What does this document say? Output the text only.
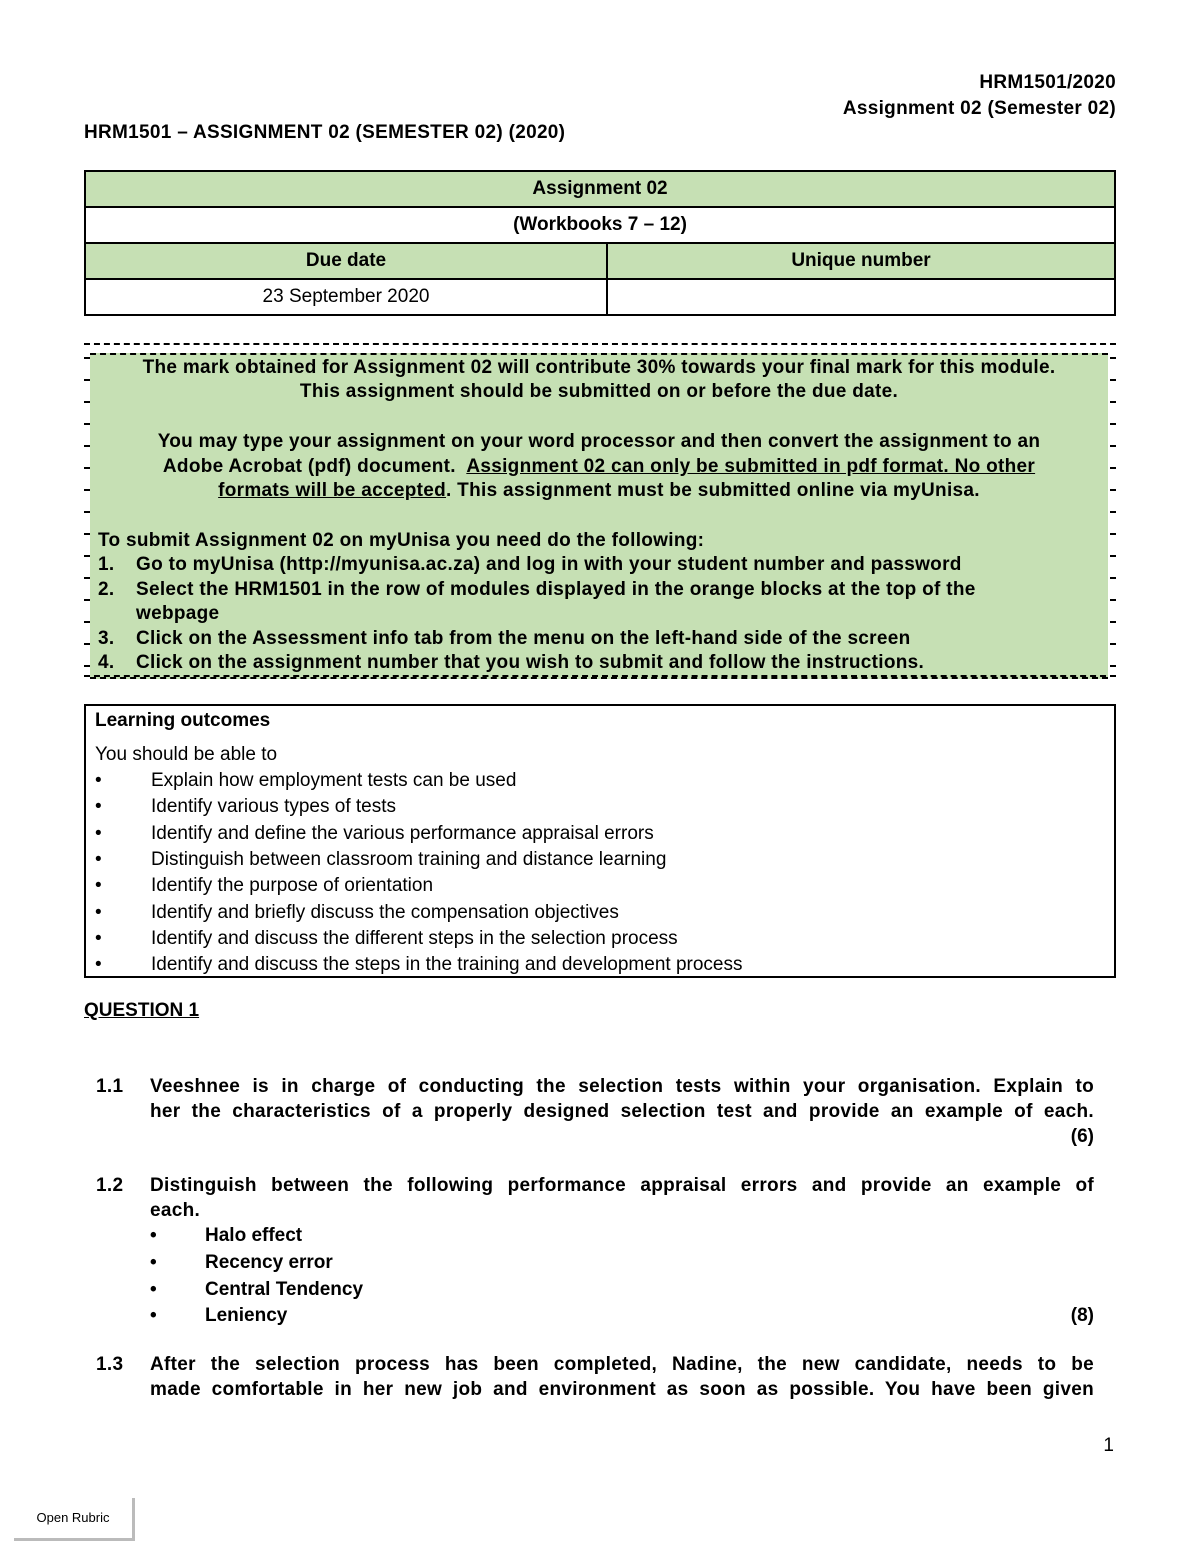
HRM1501/2020
Assignment 02 (Semester 02)
HRM1501 – ASSIGNMENT 02 (SEMESTER 02) (2020)
Assignment 02	
(Workbooks 7 – 12)	
Due date	Unique number
23 September 2020	
The mark obtained for Assignment 02 will contribute 30% towards your final mark for this module.
This assignment should be submitted on or before the due date.
You may type your assignment on your word processor and then convert the assignment to an
Adobe Acrobat (pdf) document. Assignment 02 can only be submitted in pdf format. No other
formats will be accepted. This assignment must be submitted online via myUnisa.
To submit Assignment 02 on myUnisa you need do the following:
1. Go to myUnisa (http://myunisa.ac.za) and log in with your student number and password
2. Select the HRM1501 in the row of modules displayed in the orange blocks at the top of the
webpage
3. Click on the Assessment info tab from the menu on the left-hand side of the screen
4. Click on the assignment number that you wish to submit and follow the instructions.
Learning outcomes
You should be able to
•	Explain how employment tests can be used
•	Identify various types of tests
•	Identify and define the various performance appraisal errors
•	Distinguish between classroom training and distance learning
•	Identify the purpose of orientation
•	Identify and briefly discuss the compensation objectives
•	Identify and discuss the different steps in the selection process
•	Identify and discuss the steps in the training and development process
QUESTION 1
1.1 Veeshnee is in charge of conducting the selection tests within your organisation. Explain to
her the characteristics of a properly designed selection test and provide an example of each.
(6)
1.2 Distinguish between the following performance appraisal errors and provide an example of
each.
•	Halo effect
•	Recency error
•	Central Tendency
•	Leniency	(8)
1.3 After the selection process has been completed, Nadine, the new candidate, needs to be
made comfortable in her new job and environment as soon as possible. You have been given
1
Open Rubric
